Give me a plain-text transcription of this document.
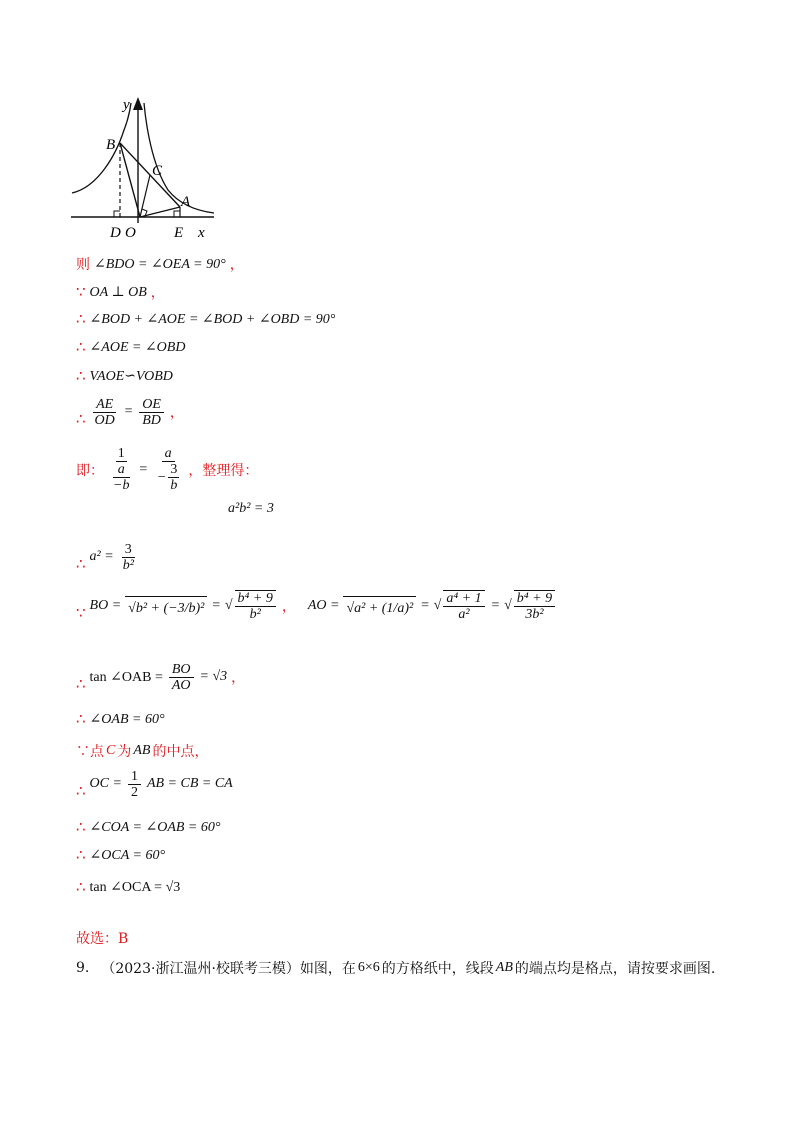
y
B
C
A
D O	E x
则 ∠BDO = ∠OEA = 90° ，
∵ OA ⊥ OB ，
∴ ∠BOD + ∠AOE = ∠BOD + ∠OBD = 90°
∴ ∠AOE = ∠OBD
∴ VAOE∽VOBD
∴ $\frac{AE}{OD} = \frac{OE}{BD}$ ，
即： 1
a
$-b = \frac{a}{- \frac{3}{b}}$ ，整理得：
a²b² = 3
∴ $a^2 = \frac{3}{\text{b²}}$
∵ BO = √b² + (−3/b)² = √ $\frac{\text{b⁴ + 9}}{\text{b²}}$ ， AO = √a² + (1/a)² = √ $\frac{\text{a⁴ + 1}}{\text{a²}}$ = √ $\frac{\text{b⁴ + 9}}{\text{3b²}}$
∴ tan ∠OAB = $\frac{BO}{AO} = √3$ ，
∴ ∠OAB = 60°
∵点 C 为 AB 的中点，
∴ OC = $\frac{1}{2}$ AB = CB = CA
∴ ∠COA = ∠OAB = 60°
∴ ∠OCA = 60°
∴ tan ∠OCA = √3
故选：B
9. （2023·浙江温州·校联考三模）如图，在 6×6 的方格纸中，线段 AB 的端点均是格点，请按要求画图.
